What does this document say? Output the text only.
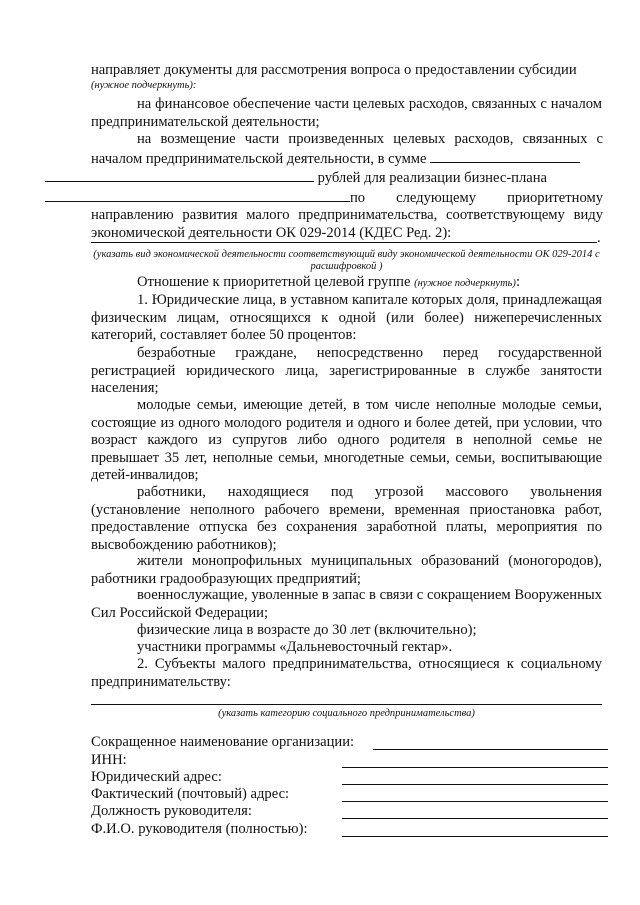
направляет документы для рассмотрения вопроса о предоставлении субсидии
(нужное подчеркнуть):
на финансовое обеспечение части целевых расходов, связанных с началом предпринимательской деятельности;
на возмещение части произведенных целевых расходов, связанных с началом предпринимательской деятельности, в сумме
рублей для реализации бизнес-плана
по следующему приоритетному направлению развития малого предпринимательства, соответствующему виду экономической деятельности ОК 029-2014 (КДЕС Ред. 2):	.
(указать вид экономической деятельности соответствующий виду экономической деятельности ОК 029-2014 с расшифровкой )
Отношение к приоритетной целевой группе (нужное подчеркнуть):
1. Юридические лица, в уставном капитале которых доля, принадлежащая физическим лицам, относящихся к одной (или более) нижеперечисленных категорий, составляет более 50 процентов:
безработные граждане, непосредственно перед государственной регистрацией юридического лица, зарегистрированные в службе занятости населения;
молодые семьи, имеющие детей, в том числе неполные молодые семьи, состоящие из одного молодого родителя и одного и более детей, при условии, что возраст каждого из супругов либо одного родителя в неполной семье не превышает 35 лет, неполные семьи, многодетные семьи, семьи, воспитывающие детей-инвалидов;
работники, находящиеся под угрозой массового увольнения (установление неполного рабочего времени, временная приостановка работ, предоставление отпуска без сохранения заработной платы, мероприятия по высвобождению работников);
жители монопрофильных муниципальных образований (моногородов), работники градообразующих предприятий;
военнослужащие, уволенные в запас в связи с сокращением Вооруженных Сил Российской Федерации;
физические лица в возрасте до 30 лет (включительно);
участники программы «Дальневосточный гектар».
2. Субъекты малого предпринимательства, относящиеся к социальному предпринимательству:
(указать категорию социального предпринимательства)
Сокращенное наименование организации:
ИНН:
Юридический адрес:
Фактический (почтовый) адрес:
Должность руководителя:
Ф.И.О. руководителя (полностью):
